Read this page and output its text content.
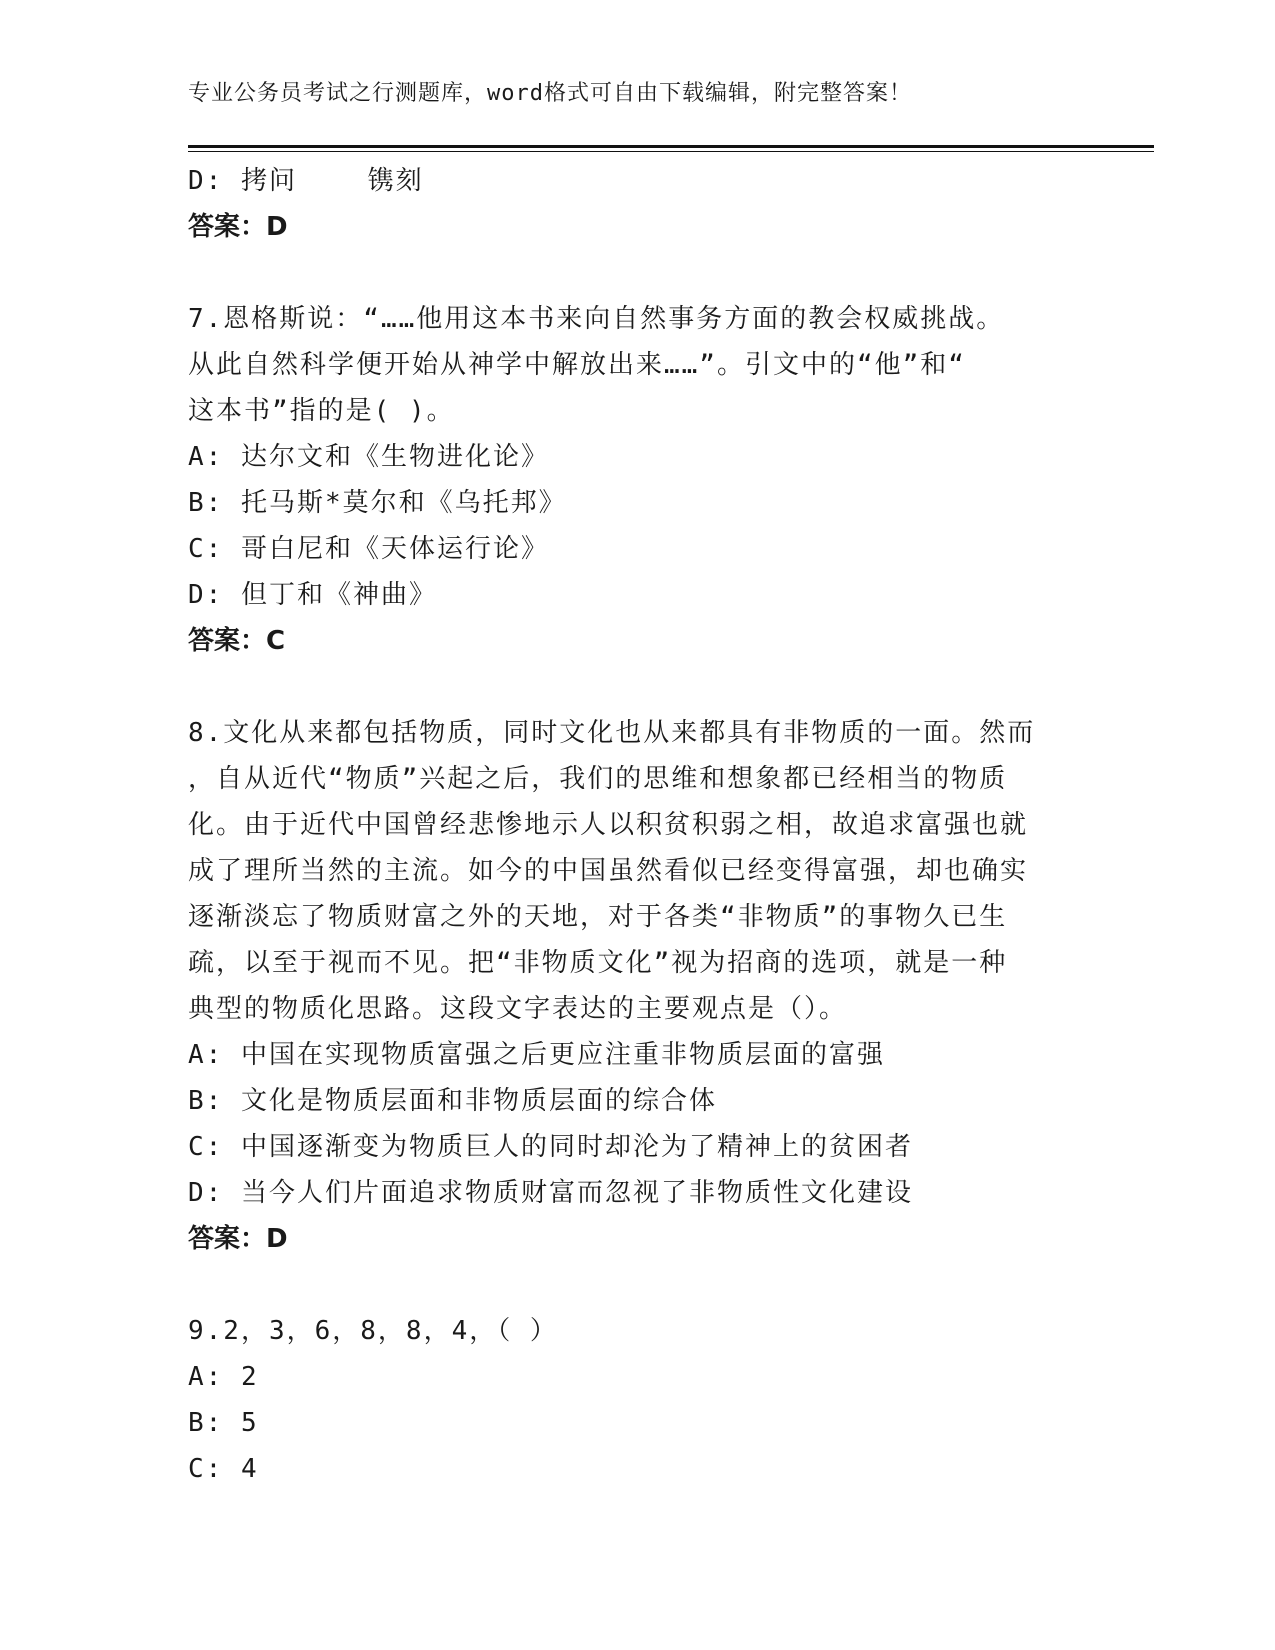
专业公务员考试之行测题库，word格式可自由下载编辑，附完整答案！
D: 拷问    镌刻
答案：D
7.恩格斯说：“……他用这本书来向自然事务方面的教会权威挑战。
从此自然科学便开始从神学中解放出来……”。引文中的“他”和“
这本书”指的是( )。
A: 达尔文和《生物进化论》
B: 托马斯*莫尔和《乌托邦》
C: 哥白尼和《天体运行论》
D: 但丁和《神曲》
答案：C
8.文化从来都包括物质，同时文化也从来都具有非物质的一面。然而
，自从近代“物质”兴起之后，我们的思维和想象都已经相当的物质
化。由于近代中国曾经悲惨地示人以积贫积弱之相，故追求富强也就
成了理所当然的主流。如今的中国虽然看似已经变得富强，却也确实
逐渐淡忘了物质财富之外的天地，对于各类“非物质”的事物久已生
疏，以至于视而不见。把“非物质文化”视为招商的选项，就是一种
典型的物质化思路。这段文字表达的主要观点是（）。
A: 中国在实现物质富强之后更应注重非物质层面的富强
B: 文化是物质层面和非物质层面的综合体
C: 中国逐渐变为物质巨人的同时却沦为了精神上的贫困者
D: 当今人们片面追求物质财富而忽视了非物质性文化建设
答案：D
9.2，3，6，8，8，4，（ ）
A: 2
B: 5
C: 4
